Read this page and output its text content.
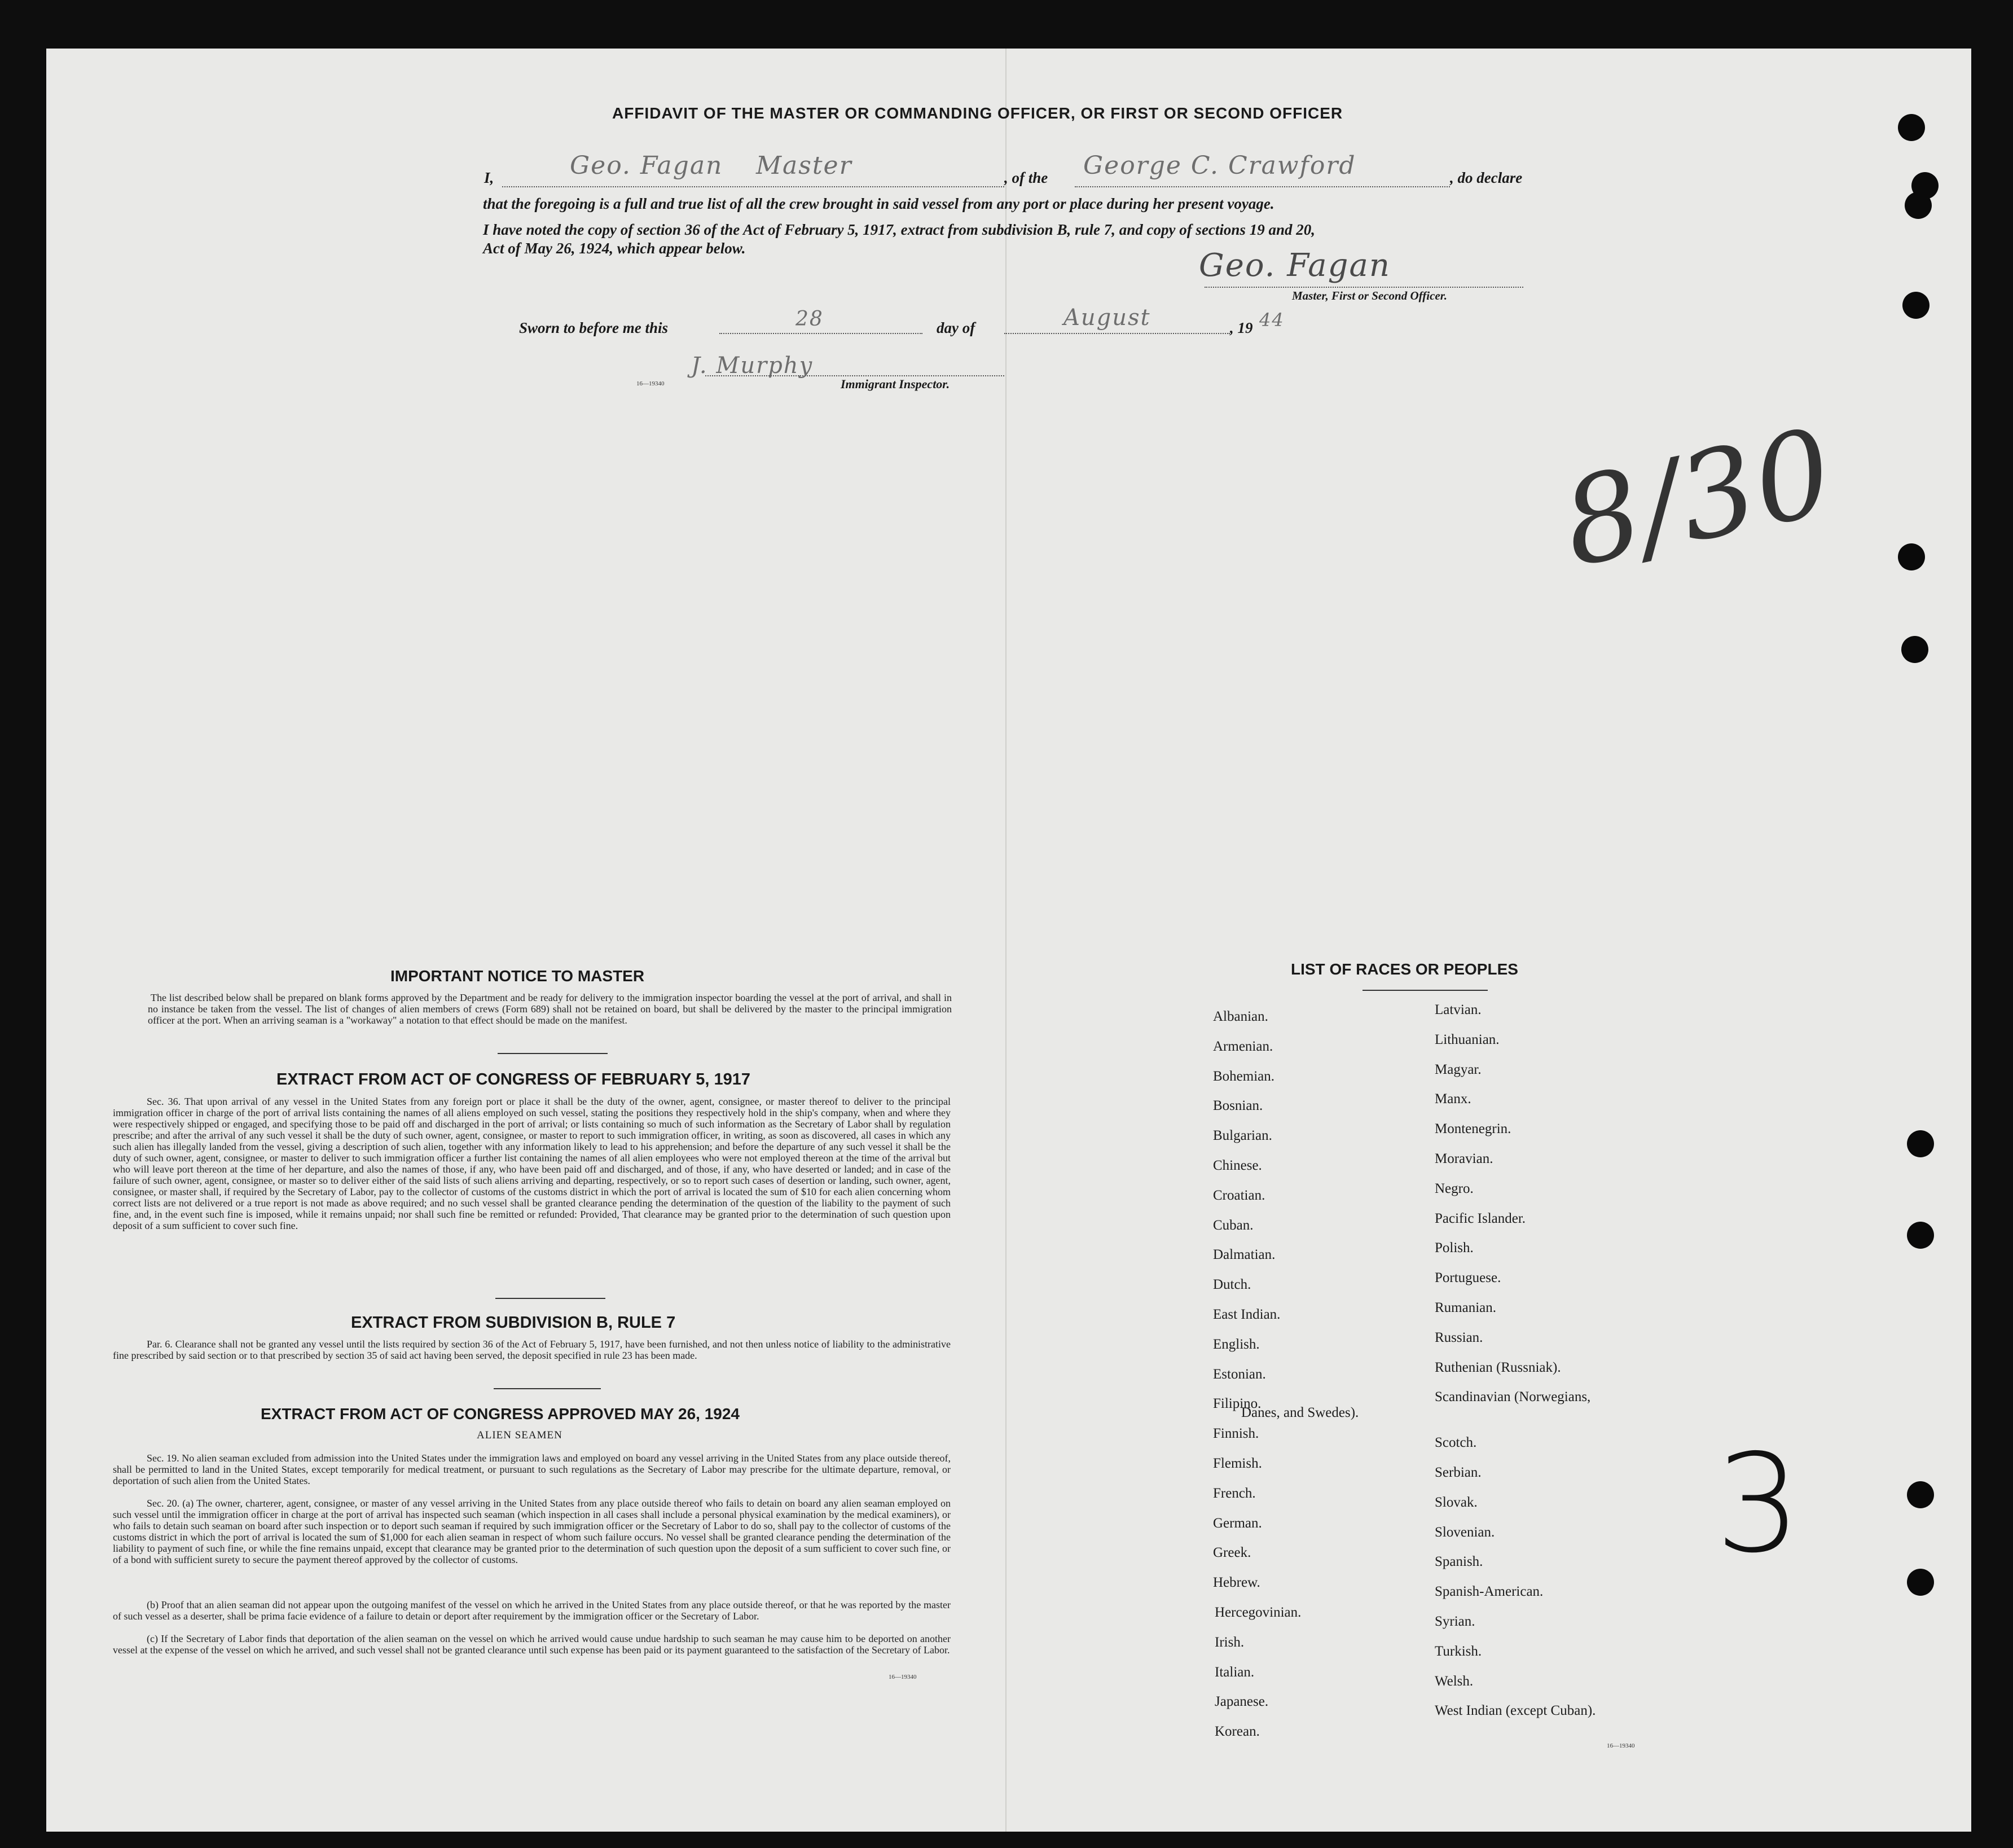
AFFIDAVIT OF THE MASTER OR COMMANDING OFFICER, OR FIRST OR SECOND OFFICER
I,	Geo. Fagan Master	, of the George C. Crawford	, do declare
that the foregoing is a full and true list of all the crew brought in said vessel from any port or place during her present voyage.
I have noted the copy of section 36 of the Act of February 5, 1917, extract from subdivision B, rule 7, and copy of sections 19 and 20,
Act of May 26, 1924, which appear below.	Geo. Fagan
Master, First or Second Officer.
Sworn to before me this	28	day of	August	, 19 44
J. Murphy
16—19340	Immigrant Inspector.
8/30
IMPORTANT NOTICE TO MASTER
The list described below shall be prepared on blank forms approved by the Department and be ready for delivery to the immigration inspector boarding the vessel at the port of arrival, and shall in no instance be taken from the vessel. The list of changes of alien members of crews (Form 689) shall not be retained on board, but shall be delivered by the master to the principal immigration officer at the port. When an arriving seaman is a "workaway" a notation to that effect should be made on the manifest.
EXTRACT FROM ACT OF CONGRESS OF FEBRUARY 5, 1917
Sec. 36. That upon arrival of any vessel in the United States from any foreign port or place it shall be the duty of the owner, agent, consignee, or master thereof to deliver to the principal immigration officer in charge of the port of arrival lists containing the names of all aliens employed on such vessel, stating the positions they respectively hold in the ship's company, when and where they were respectively shipped or engaged, and specifying those to be paid off and discharged in the port of arrival; or lists containing so much of such information as the Secretary of Labor shall by regulation prescribe; and after the arrival of any such vessel it shall be the duty of such owner, agent, consignee, or master to report to such immigration officer, in writing, as soon as discovered, all cases in which any such alien has illegally landed from the vessel, giving a description of such alien, together with any information likely to lead to his apprehension; and before the departure of any such vessel it shall be the duty of such owner, agent, consignee, or master to deliver to such immigration officer a further list containing the names of all alien employees who were not employed thereon at the time of the arrival but who will leave port thereon at the time of her departure, and also the names of those, if any, who have been paid off and discharged, and of those, if any, who have deserted or landed; and in case of the failure of such owner, agent, consignee, or master so to deliver either of the said lists of such aliens arriving and departing, respectively, or so to report such cases of desertion or landing, such owner, agent, consignee, or master shall, if required by the Secretary of Labor, pay to the collector of customs of the customs district in which the port of arrival is located the sum of $10 for each alien concerning whom correct lists are not delivered or a true report is not made as above required; and no such vessel shall be granted clearance pending the determination of the question of the liability to the payment of such fine, and, in the event such fine is imposed, while it remains unpaid; nor shall such fine be remitted or refunded: Provided, That clearance may be granted prior to the determination of such question upon deposit of a sum sufficient to cover such fine.
EXTRACT FROM SUBDIVISION B, RULE 7
Par. 6. Clearance shall not be granted any vessel until the lists required by section 36 of the Act of February 5, 1917, have been furnished, and not then unless notice of liability to the administrative fine prescribed by said section or to that prescribed by section 35 of said act having been served, the deposit specified in rule 23 has been made.
EXTRACT FROM ACT OF CONGRESS APPROVED MAY 26, 1924
ALIEN SEAMEN
Sec. 19. No alien seaman excluded from admission into the United States under the immigration laws and employed on board any vessel arriving in the United States from any place outside thereof, shall be permitted to land in the United States, except temporarily for medical treatment, or pursuant to such regulations as the Secretary of Labor may prescribe for the ultimate departure, removal, or deportation of such alien from the United States.
Sec. 20. (a) The owner, charterer, agent, consignee, or master of any vessel arriving in the United States from any place outside thereof who fails to detain on board any alien seaman employed on such vessel until the immigration officer in charge at the port of arrival has inspected such seaman (which inspection in all cases shall include a personal physical examination by the medical examiners), or who fails to detain such seaman on board after such inspection or to deport such seaman if required by such immigration officer or the Secretary of Labor to do so, shall pay to the collector of customs of the customs district in which the port of arrival is located the sum of $1,000 for each alien seaman in respect of whom such failure occurs. No vessel shall be granted clearance pending the determination of the liability to payment of such fine, or while the fine remains unpaid, except that clearance may be granted prior to the determination of such question upon the deposit of a sum sufficient to cover such fine, or of a bond with sufficient surety to secure the payment thereof approved by the collector of customs.
(b) Proof that an alien seaman did not appear upon the outgoing manifest of the vessel on which he arrived in the United States from any place outside thereof, or that he was reported by the master of such vessel as a deserter, shall be prima facie evidence of a failure to detain or deport after requirement by the immigration officer or the Secretary of Labor.
(c) If the Secretary of Labor finds that deportation of the alien seaman on the vessel on which he arrived would cause undue hardship to such seaman he may cause him to be deported on another vessel at the expense of the vessel on which he arrived, and such vessel shall not be granted clearance until such expense has been paid or its payment guaranteed to the satisfaction of the Secretary of Labor.
16—19340
LIST OF RACES OR PEOPLES
Albanian.
Armenian.
Bohemian.
Bosnian.
Bulgarian.
Chinese.
Croatian.
Cuban.
Dalmatian.
Dutch.
East Indian.
English.
Estonian.
Filipino.
Finnish.
Flemish.
French.
German.
Greek.
Hebrew.
Hercegovinian.
Irish.
Italian.
Japanese.
Korean.
Latvian.
Lithuanian.
Magyar.
Manx.
Montenegrin.
Moravian.
Negro.
Pacific Islander.
Polish.
Portuguese.
Rumanian.
Russian.
Ruthenian (Russniak).
Scandinavian (Norwegians,
Danes, and Swedes).
Scotch.
Serbian.
Slovak.
Slovenian.
Spanish.
Spanish-American.
Syrian.
Turkish.
Welsh.
West Indian (except Cuban).
16—19340
3
